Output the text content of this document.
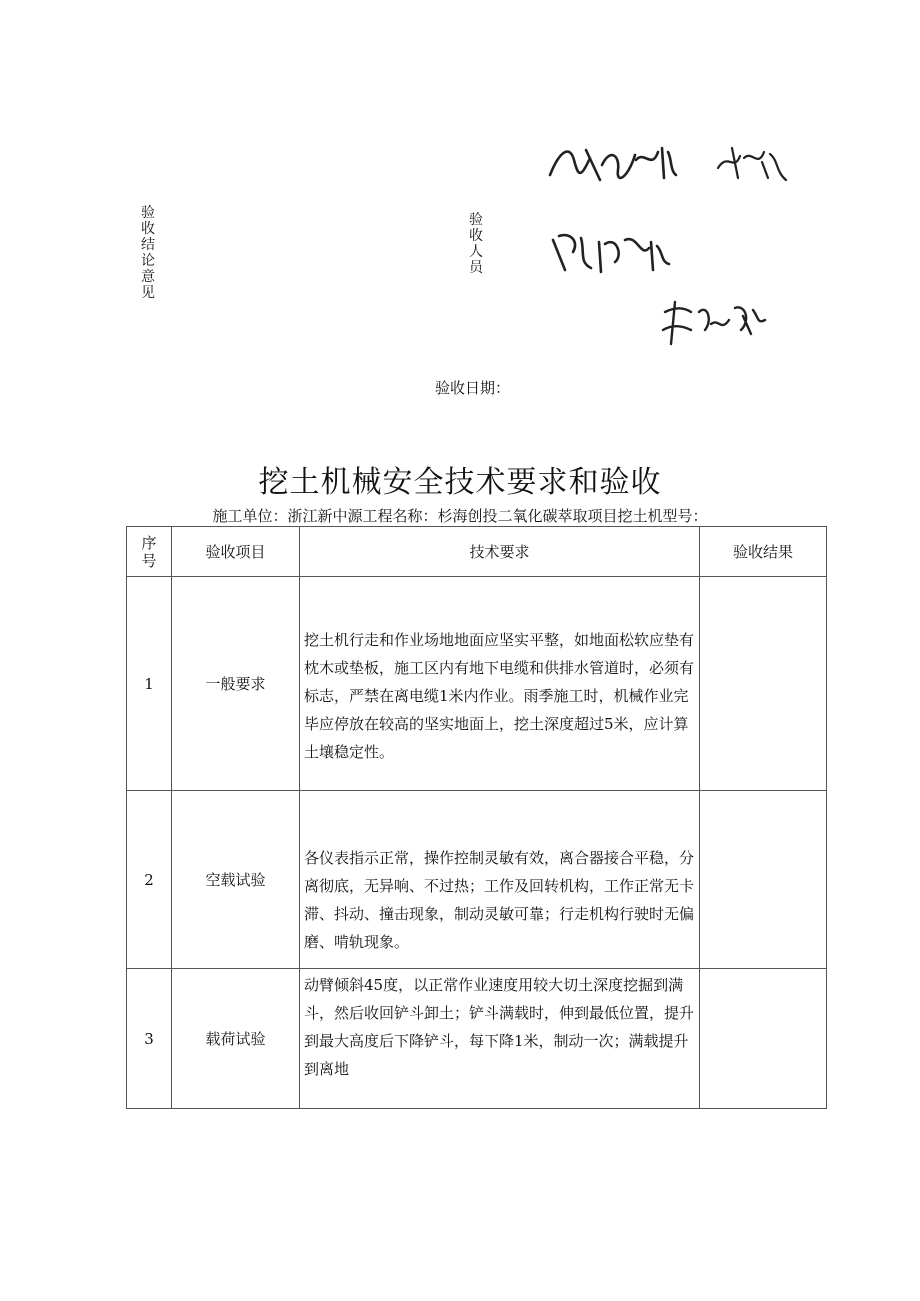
验收结论意见
验收人员
验收日期：
挖土机械安全技术要求和验收
施工单位：浙江新中源工程名称：杉海创投二氧化碳萃取项目挖土机型号：
序号	验收项目	技术要求	验收结果
1	一般要求	挖土机行走和作业场地地面应坚实平整，如地面松软应垫有枕木或垫板，施工区内有地下电缆和供排水管道时，必须有标志，严禁在离电缆1米内作业。雨季施工时，机械作业完毕应停放在较高的坚实地面上，挖土深度超过5米，应计算土壤稳定性。	
2	空载试验	各仪表指示正常，操作控制灵敏有效，离合器接合平稳，分离彻底，无异响、不过热；工作及回转机构，工作正常无卡滞、抖动、撞击现象，制动灵敏可靠；行走机构行驶时无偏磨、啃轨现象。	
3	载荷试验	动臂倾斜45度，以正常作业速度用较大切土深度挖掘到满斗，然后收回铲斗卸土；铲斗满载时，伸到最低位置，提升到最大高度后下降铲斗，每下降1米，制动一次；满载提升到离地	
